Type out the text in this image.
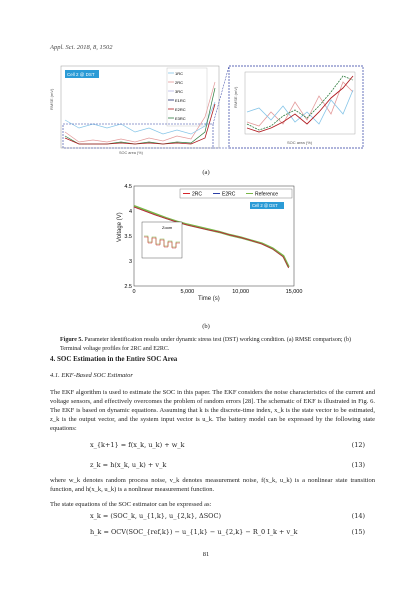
Appl. Sci. 2018, 8, 1502
Cell 2 @ DST
RMSE (mV)
1RC
2RC
3RC
E1RC
E2RC
E3RC
SOC area (%)
RMSE (mV)
SOC area (%)
(a)
2.5
3
3.5
4
4.5
0	5,000	10,000	15,000
Voltage (V)
Time (s)
2RC	E2RC	Reference
Cell 2 @ DST
Zoom
(b)
Figure 5. Parameter identification results under dynamic stress test (DST) working condition. (a) RMSE comparison; (b) Terminal voltage profiles for 2RC and E2RC.
4. SOC Estimation in the Entire SOC Area
4.1. EKF-Based SOC Estimator
The EKF algorithm is used to estimate the SOC in this paper. The EKF considers the noise characteristics of the current and voltage sensors, and effectively overcomes the problem of random errors [28]. The schematic of EKF is illustrated in Fig. 6. The EKF is based on dynamic equations. Assuming that k is the discrete-time index, x_k is the state vector to be estimated, z_k is the output vector, and the system input vector is u_k. The battery model can be expressed by the following state equations:
x_{k+1} = f(x_k, u_k) + w_k	(12)
z_k = h(x_k, u_k) + v_k	(13)
where w_k denotes random process noise, v_k denotes measurement noise, f(x_k, u_k) is a nonlinear state transition function, and h(x_k, u_k) is a nonlinear measurement function.
The state equations of the SOC estimator can be expressed as:
x_k = (SOC_k, u_{1,k}, u_{2,k}, ΔSOC)	(14)
h_k = OCV(SOC_{ref,k}) − u_{1,k} − u_{2,k} − R_0 I_k + v_k	(15)
81
